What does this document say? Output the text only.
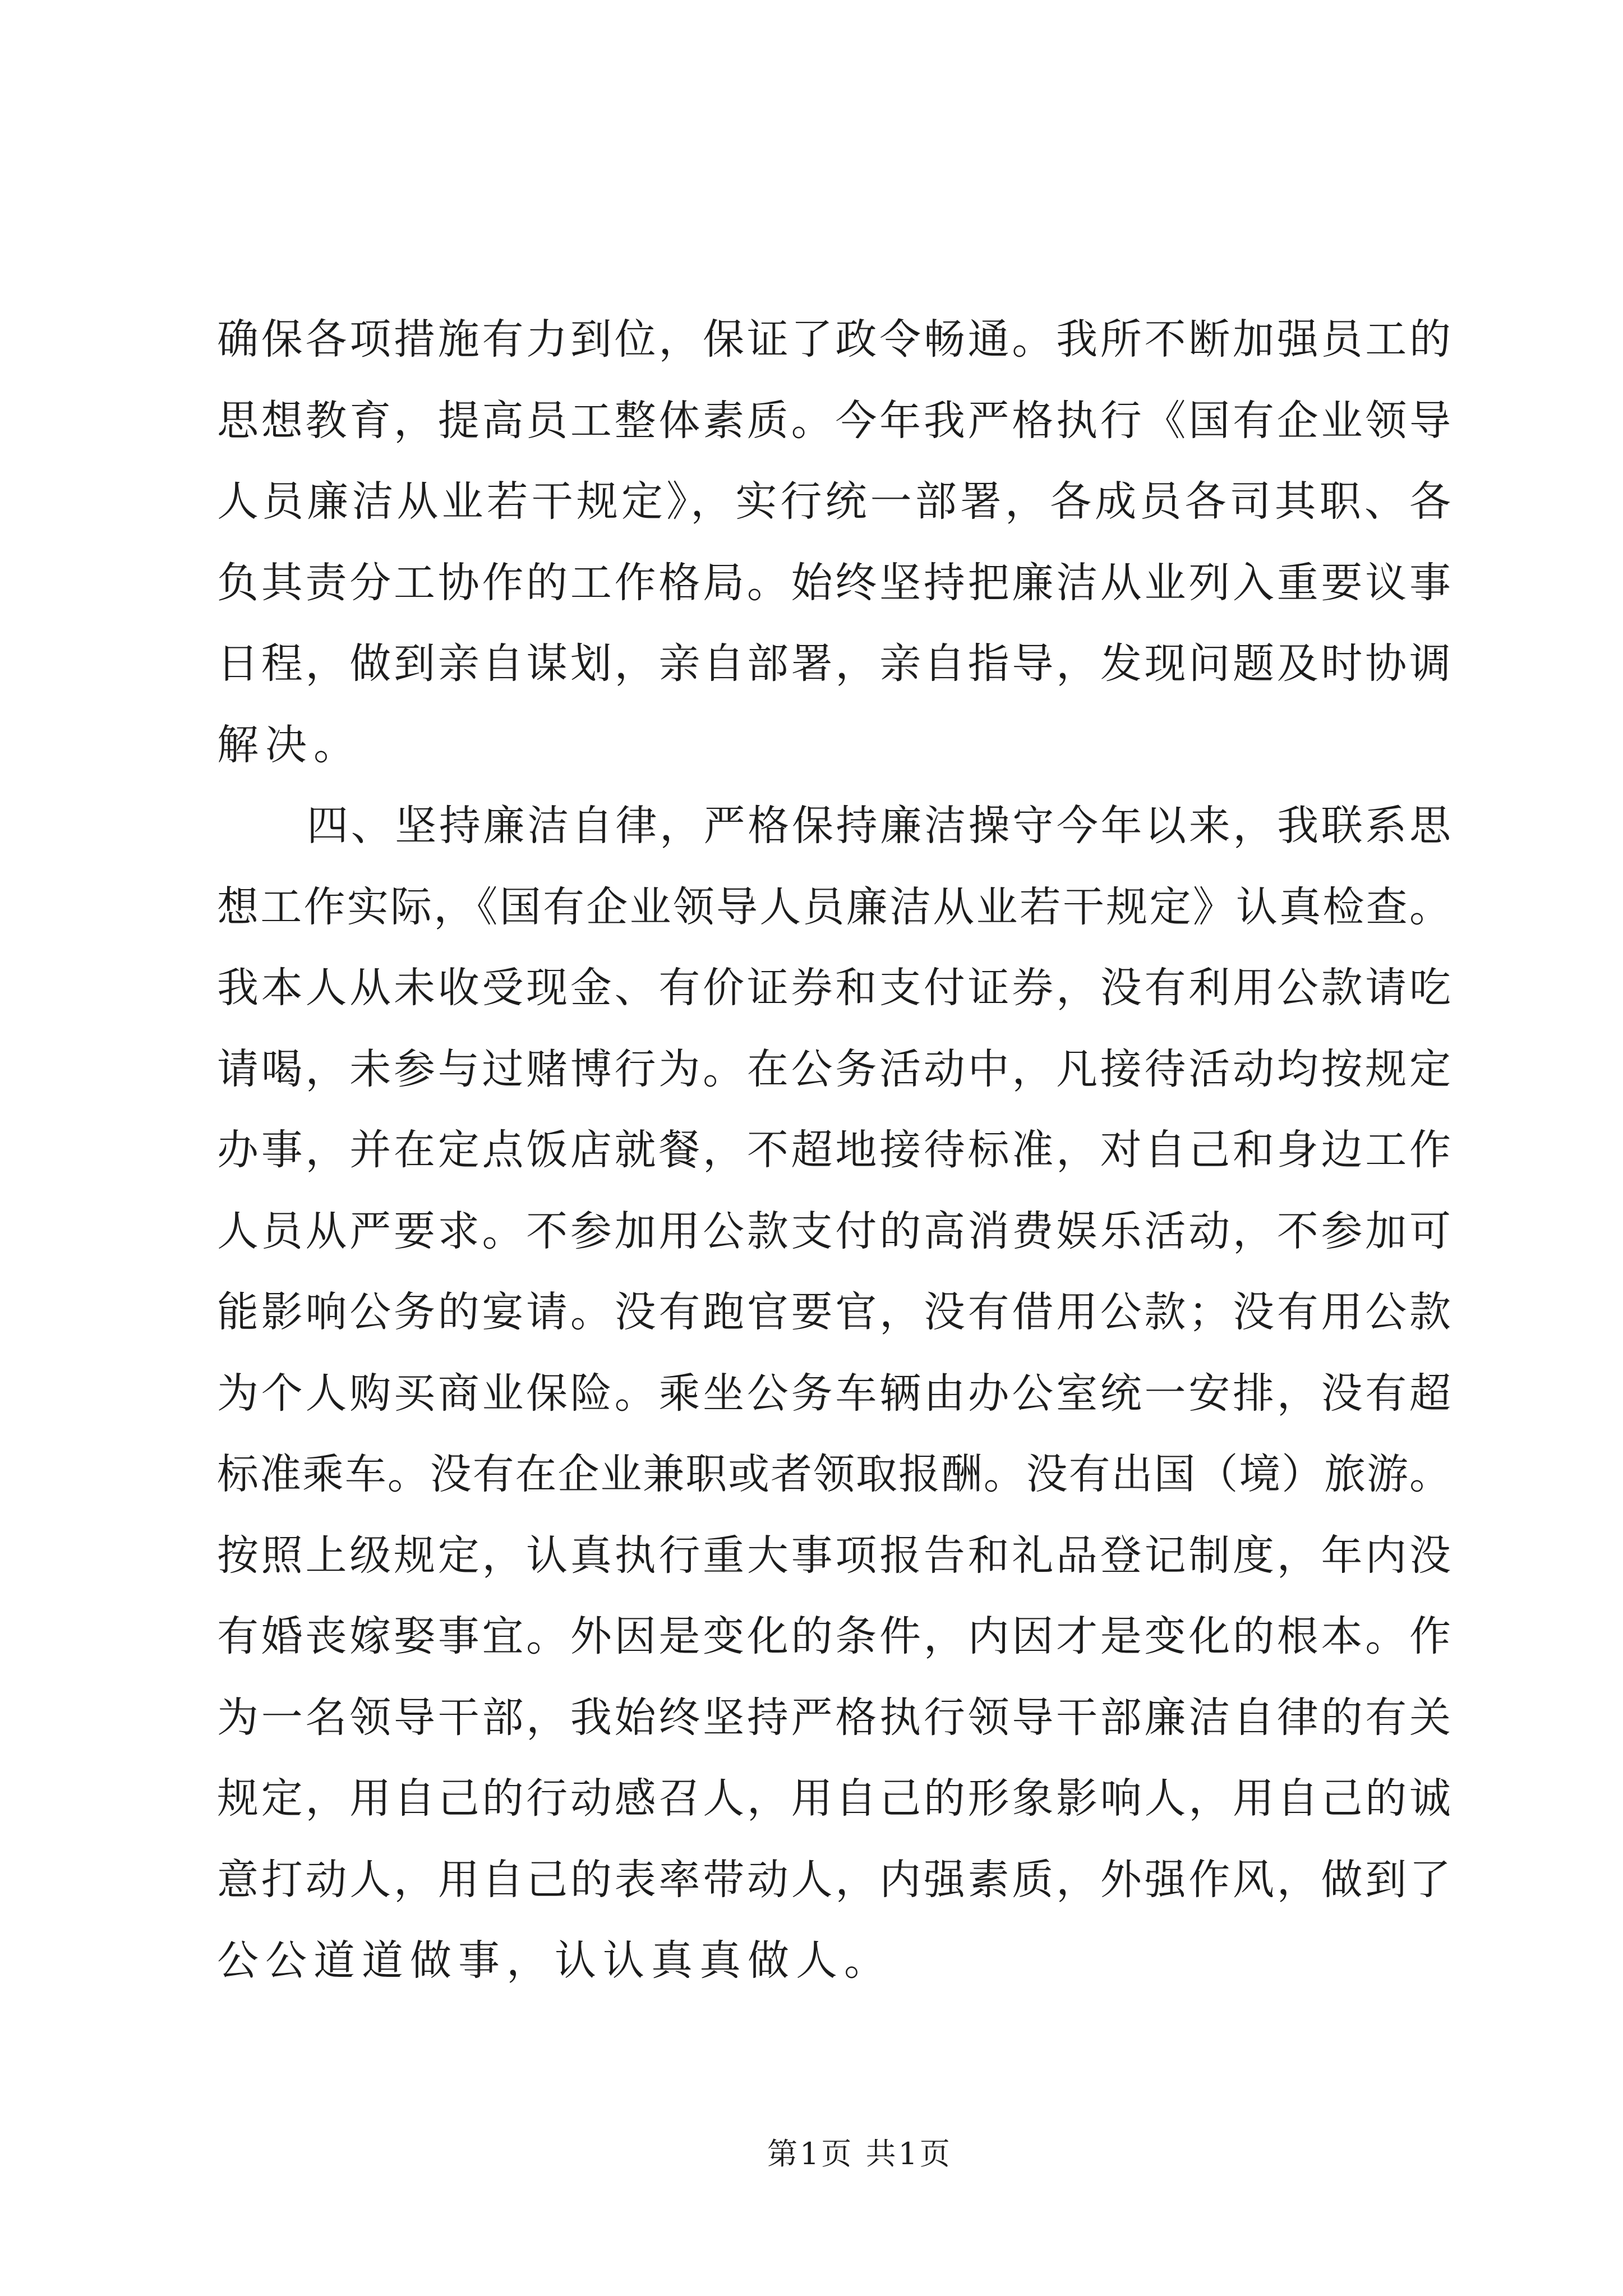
确保各项措施有力到位，保证了政令畅通。我所不断加强员工的
思想教育，提高员工整体素质。今年我严格执行《国有企业领导
人员廉洁从业若干规定》，实行统一部署，各成员各司其职、各
负其责分工协作的工作格局。始终坚持把廉洁从业列入重要议事
日程，做到亲自谋划，亲自部署，亲自指导，发现问题及时协调
解决。
四、坚持廉洁自律，严格保持廉洁操守今年以来，我联系思
想工作实际，《国有企业领导人员廉洁从业若干规定》认真检查。
我本人从未收受现金、有价证券和支付证券，没有利用公款请吃
请喝，未参与过赌博行为。在公务活动中，凡接待活动均按规定
办事，并在定点饭店就餐，不超地接待标准，对自己和身边工作
人员从严要求。不参加用公款支付的高消费娱乐活动，不参加可
能影响公务的宴请。没有跑官要官，没有借用公款；没有用公款
为个人购买商业保险。乘坐公务车辆由办公室统一安排，没有超
标准乘车。没有在企业兼职或者领取报酬。没有出国（境）旅游。
按照上级规定，认真执行重大事项报告和礼品登记制度，年内没
有婚丧嫁娶事宜。外因是变化的条件，内因才是变化的根本。作
为一名领导干部，我始终坚持严格执行领导干部廉洁自律的有关
规定，用自己的行动感召人，用自己的形象影响人，用自己的诚
意打动人，用自己的表率带动人，内强素质，外强作风，做到了
公公道道做事，认认真真做人。
第1页 共1页
